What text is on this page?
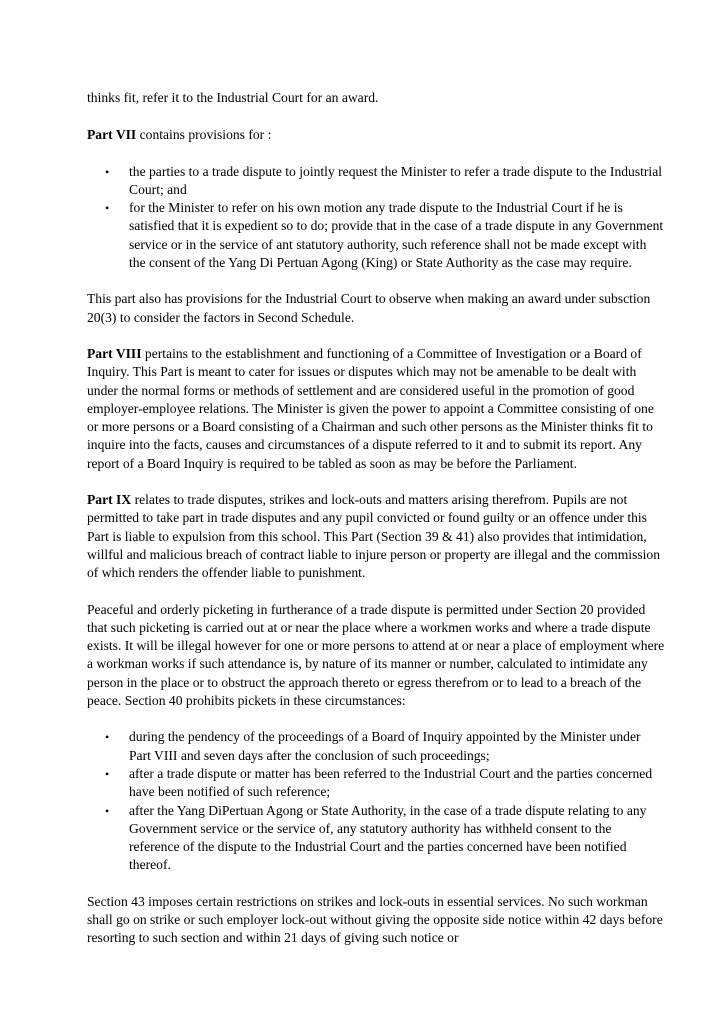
thinks fit, refer it to the Industrial Court for an award.

Part VII contains provisions for :

• the parties to a trade dispute to jointly request the Minister to refer a trade dispute to the Industrial Court; and
• for the Minister to refer on his own motion any trade dispute to the Industrial Court if he is satisfied that it is expedient so to do; provide that in the case of a trade dispute in any Government service or in the service of ant statutory authority, such reference shall not be made except with the consent of the Yang Di Pertuan Agong (King) or State Authority as the case may require.

This part also has provisions for the Industrial Court to observe when making an award under subsction 20(3) to consider the factors in Second Schedule.

Part VIII pertains to the establishment and functioning of a Committee of Investigation or a Board of Inquiry. This Part is meant to cater for issues or disputes which may not be amenable to be dealt with under the normal forms or methods of settlement and are considered useful in the promotion of good employer-employee relations. The Minister is given the power to appoint a Committee consisting of one or more persons or a Board consisting of a Chairman and such other persons as the Minister thinks fit to inquire into the facts, causes and circumstances of a dispute referred to it and to submit its report. Any report of a Board Inquiry is required to be tabled as soon as may be before the Parliament.

Part IX relates to trade disputes, strikes and lock-outs and matters arising therefrom. Pupils are not permitted to take part in trade disputes and any pupil convicted or found guilty or an offence under this Part is liable to expulsion from this school. This Part (Section 39 & 41) also provides that intimidation, willful and malicious breach of contract liable to injure person or property are illegal and the commission of which renders the offender liable to punishment.

Peaceful and orderly picketing in furtherance of a trade dispute is permitted under Section 20 provided that such picketing is carried out at or near the place where a workmen works and where a trade dispute exists. It will be illegal however for one or more persons to attend at or near a place of employment where a workman works if such attendance is, by nature of its manner or number, calculated to intimidate any person in the place or to obstruct the approach thereto or egress therefrom or to lead to a breach of the peace. Section 40 prohibits pickets in these circumstances:

• during the pendency of the proceedings of a Board of Inquiry appointed by the Minister under Part VIII and seven days after the conclusion of such proceedings;
• after a trade dispute or matter has been referred to the Industrial Court and the parties concerned have been notified of such reference;
• after the Yang DiPertuan Agong or State Authority, in the case of a trade dispute relating to any Government service or the service of, any statutory authority has withheld consent to the reference of the dispute to the Industrial Court and the parties concerned have been notified thereof.

Section 43 imposes certain restrictions on strikes and lock-outs in essential services. No such workman shall go on strike or such employer lock-out without giving the opposite side notice within 42 days before resorting to such section and within 21 days of giving such notice or
